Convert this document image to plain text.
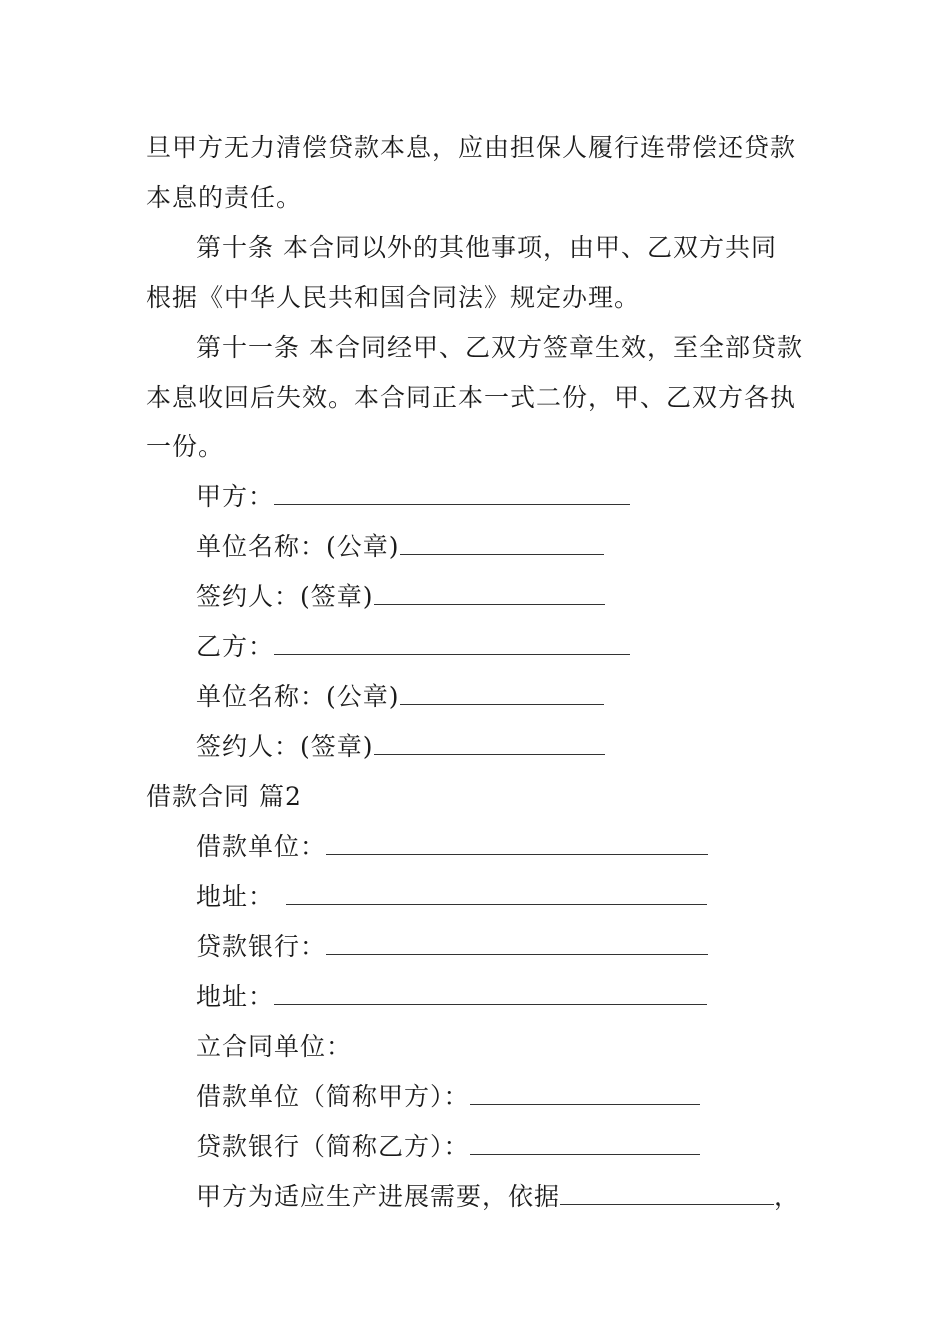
旦甲方无力清偿贷款本息，应由担保人履行连带偿还贷款
本息的责任。
第十条 本合同以外的其他事项，由甲、乙双方共同
根据《中华人民共和国合同法》规定办理。
第十一条 本合同经甲、乙双方签章生效，至全部贷款
本息收回后失效。本合同正本一式二份，甲、乙双方各执
一份。
甲方：
单位名称：(公章)
签约人：(签章)
乙方：
单位名称：(公章)
签约人：(签章)
借款合同 篇2
借款单位：
地址：
贷款银行：
地址：
立合同单位：
借款单位（简称甲方）：
贷款银行（简称乙方）：
甲方为适应生产进展需要，依据	，
